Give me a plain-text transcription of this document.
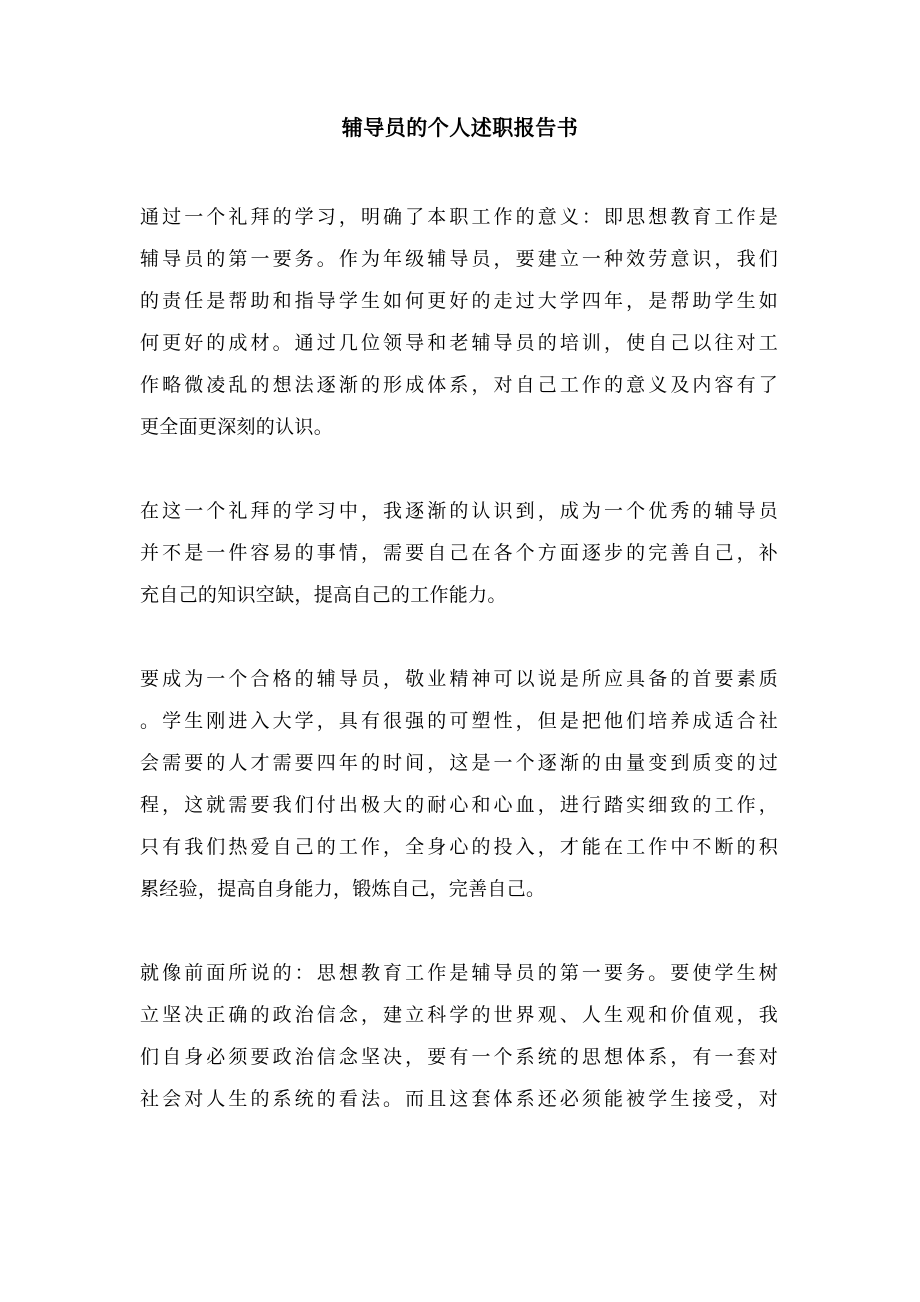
辅导员的个人述职报告书
通过一个礼拜的学习，明确了本职工作的意义：即思想教育工作是
辅导员的第一要务。作为年级辅导员，要建立一种效劳意识，我们
的责任是帮助和指导学生如何更好的走过大学四年，是帮助学生如
何更好的成材。通过几位领导和老辅导员的培训，使自己以往对工
作略微凌乱的想法逐渐的形成体系，对自己工作的意义及内容有了
更全面更深刻的认识。
在这一个礼拜的学习中，我逐渐的认识到，成为一个优秀的辅导员
并不是一件容易的事情，需要自己在各个方面逐步的完善自己，补
充自己的知识空缺，提高自己的工作能力。
要成为一个合格的辅导员，敬业精神可以说是所应具备的首要素质
。学生刚进入大学，具有很强的可塑性，但是把他们培养成适合社
会需要的人才需要四年的时间，这是一个逐渐的由量变到质变的过
程，这就需要我们付出极大的耐心和心血，进行踏实细致的工作，
只有我们热爱自己的工作，全身心的投入，才能在工作中不断的积
累经验，提高自身能力，锻炼自己，完善自己。
就像前面所说的：思想教育工作是辅导员的第一要务。要使学生树
立坚决正确的政治信念，建立科学的世界观、人生观和价值观，我
们自身必须要政治信念坚决，要有一个系统的思想体系，有一套对
社会对人生的系统的看法。而且这套体系还必须能被学生接受，对
